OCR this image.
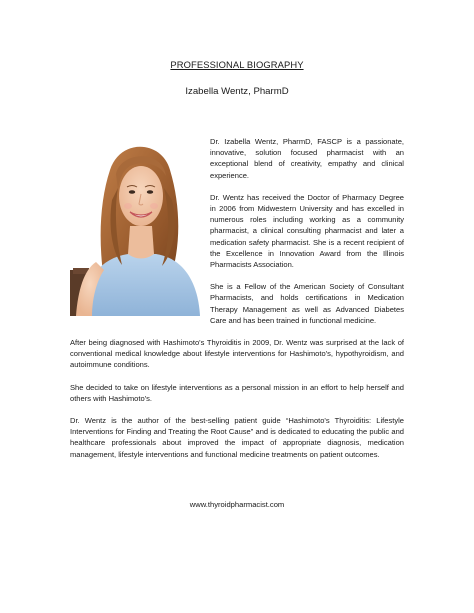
PROFESSIONAL BIOGRAPHY
Izabella Wentz, PharmD

Dr. Izabella Wentz, PharmD, FASCP is a passionate, innovative, solution focused pharmacist with an exceptional blend of creativity, empathy and clinical experience.

Dr. Wentz has received the Doctor of Pharmacy Degree in 2006 from Midwestern University and has excelled in numerous roles including working as a community pharmacist, a clinical consulting pharmacist and later a medication safety pharmacist. She is a recent recipient of the Excellence in Innovation Award from the Illinois Pharmacists Association.

She is a Fellow of the American Society of Consultant Pharmacists, and holds certifications in Medication Therapy Management as well as Advanced Diabetes Care and has been trained in functional medicine.

After being diagnosed with Hashimoto's Thyroiditis in 2009, Dr. Wentz was surprised at the lack of conventional medical knowledge about lifestyle interventions for Hashimoto's, hypothyroidism, and autoimmune conditions.

She decided to take on lifestyle interventions as a personal mission in an effort to help herself and others with Hashimoto's.

Dr. Wentz is the author of the best-selling patient guide “Hashimoto's Thyroiditis: Lifestyle Interventions for Finding and Treating the Root Cause” and is dedicated to educating the public and healthcare professionals about improved the impact of appropriate diagnosis, medication management, lifestyle interventions and functional medicine treatments on patient outcomes.

www.thyroidpharmacist.com
